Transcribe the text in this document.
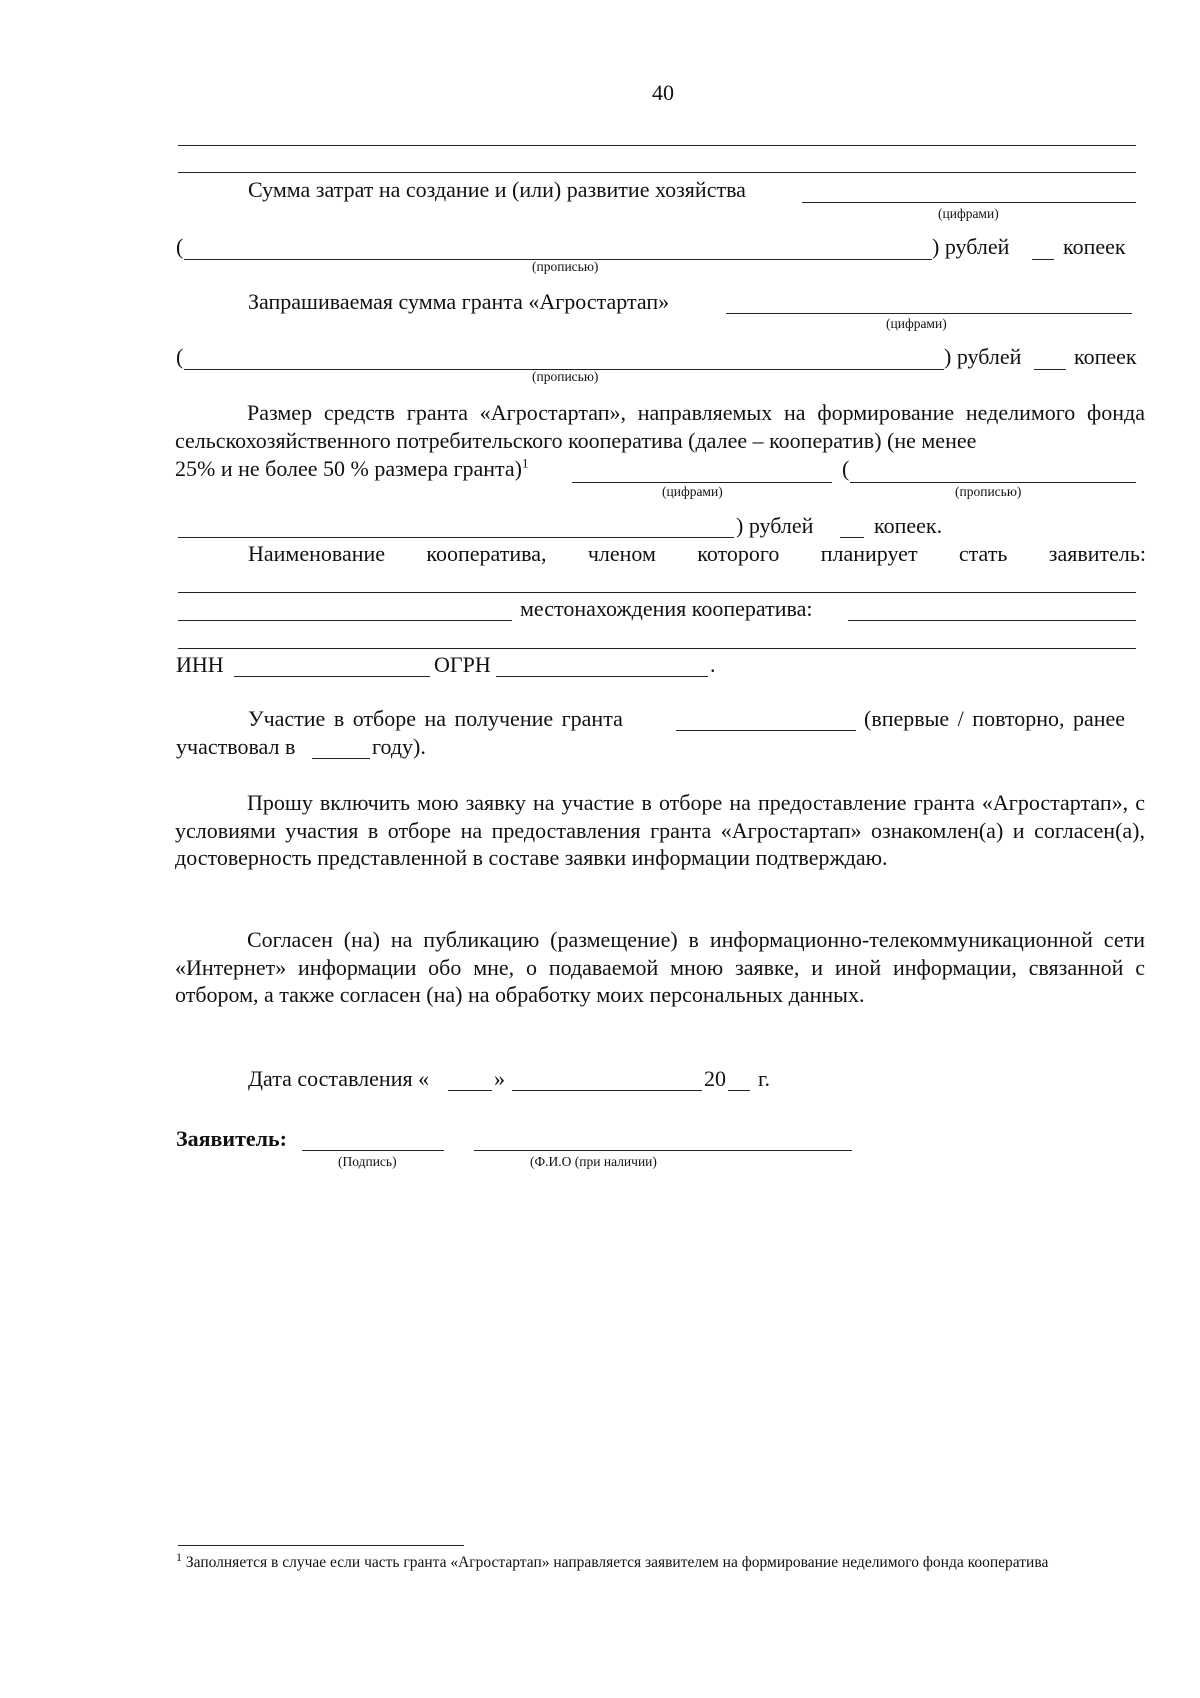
40
Сумма затрат на создание и (или) развитие хозяйства
(цифрами)
(	) рублей копеек
(прописью)
Запрашиваемая сумма гранта «Агростартап»
(цифрами)
(	) рублей копеек
(прописью)
Размер средств гранта «Агростартап», направляемых на формирование неделимого фонда сельскохозяйственного потребительского кооператива (далее – кооператив) (не менее
25% и не более 50 % размера гранта)$^1$	(
(цифрами)	(прописью)
) рублей	копеек.
Наименование кооператива, членом которого планирует стать заявитель:
местонахождения кооператива:
ИНН	ОГРН	.
Участие в отборе на получение гранта	(впервые / повторно, ранее
участвовал в	году).
Прошу включить мою заявку на участие в отборе на предоставление гранта «Агростартап», с условиями участия в отборе на предоставления гранта «Агростартап» ознакомлен(а) и согласен(а), достоверность представленной в составе заявки информации подтверждаю.
Согласен (на) на публикацию (размещение) в информационно-телекоммуникационной сети «Интернет» информации обо мне, о подаваемой мною заявке, и иной информации, связанной с отбором, а также согласен (на) на обработку моих персональных данных.
Дата составления «	»	20 г.
Заявитель:
(Подпись)	(Ф.И.О (при наличии)
$^1$ Заполняется в случае если часть гранта «Агростартап» направляется заявителем на формирование неделимого фонда кооператива
